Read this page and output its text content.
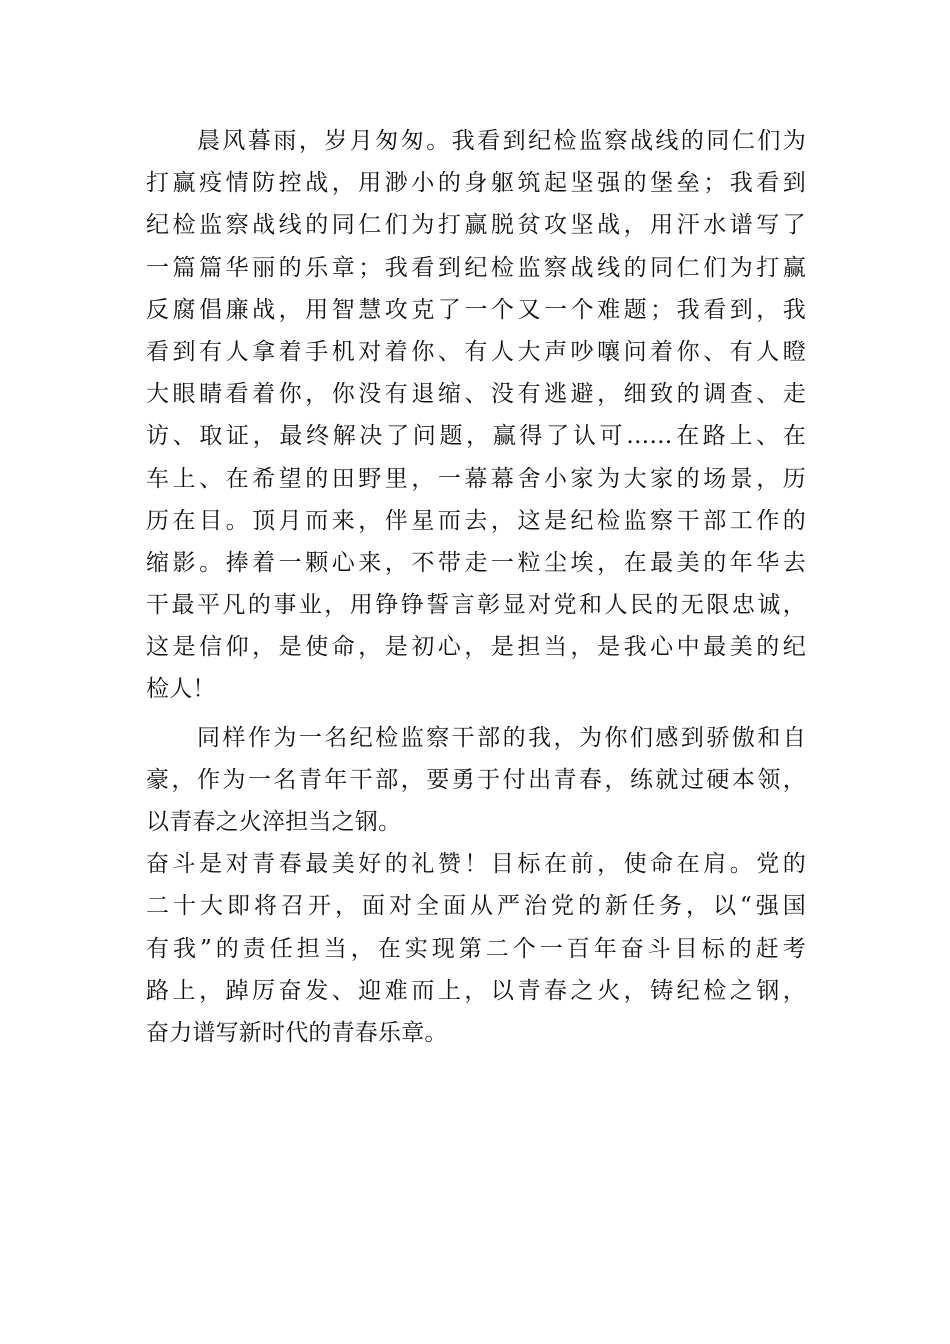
　　晨风暮雨，岁月匆匆。我看到纪检监察战线的同仁们为
打赢疫情防控战，用渺小的身躯筑起坚强的堡垒；我看到
纪检监察战线的同仁们为打赢脱贫攻坚战，用汗水谱写了
一篇篇华丽的乐章；我看到纪检监察战线的同仁们为打赢
反腐倡廉战，用智慧攻克了一个又一个难题；我看到，我
看到有人拿着手机对着你、有人大声吵嚷问着你、有人瞪
大眼睛看着你，你没有退缩、没有逃避，细致的调查、走
访、取证，最终解决了问题，赢得了认可……在路上、在
车上、在希望的田野里，一幕幕舍小家为大家的场景，历
历在目。顶月而来，伴星而去，这是纪检监察干部工作的
缩影。捧着一颗心来，不带走一粒尘埃，在最美的年华去
干最平凡的事业，用铮铮誓言彰显对党和人民的无限忠诚，
这是信仰，是使命，是初心，是担当，是我心中最美的纪
检人！
　　同样作为一名纪检监察干部的我，为你们感到骄傲和自
豪，作为一名青年干部，要勇于付出青春，练就过硬本领，
以青春之火淬担当之钢。
奋斗是对青春最美好的礼赞！目标在前，使命在肩。党的
二十大即将召开，面对全面从严治党的新任务，以“强国
有我”的责任担当，在实现第二个一百年奋斗目标的赶考
路上，踔厉奋发、迎难而上，以青春之火，铸纪检之钢，
奋力谱写新时代的青春乐章。
